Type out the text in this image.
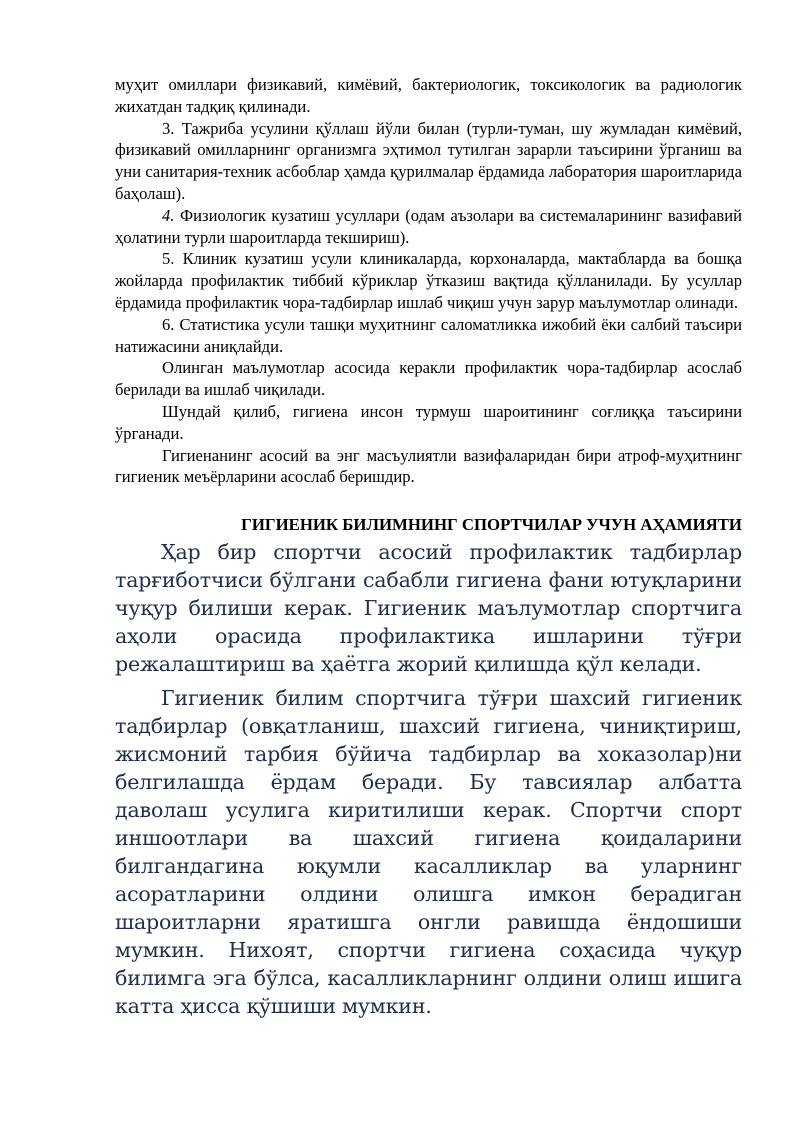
муҳит омиллари физикавий, кимёвий, бактериологик, токсикологик ва радиологик жихатдан тадқиқ қилинади.

3. Тажриба усулини қўллаш йўли билан (турли-туман, шу жумладан кимёвий, физикавий омилларнинг организмга эҳтимол тутилган зарарли таъсирини ўрганиш ва уни санитария-техник асбоблар ҳамда қурилмалар ёрдамида лаборатория шароитларида баҳолаш).

4. Физиологик кузатиш усуллари (одам аъзолари ва системаларининг вазифавий ҳолатини турли шароитларда текшириш).

5. Клиник кузатиш усули клиникаларда, корхоналарда, мактабларда ва бошқа жойларда профилактик тиббий кўриклар ўтказиш вақтида қўлланилади. Бу усуллар ёрдамида профилактик чора-тадбирлар ишлаб чиқиш учун зарур маълумотлар олинади.

6. Статистика усули ташқи муҳитнинг саломатликка ижобий ёки салбий таъсири натижасини аниқлайди.

Олинган маълумотлар асосида керакли профилактик чора-тадбирлар асослаб берилади ва ишлаб чиқилади.

Шундай қилиб, гигиена инсон турмуш шароитининг соғлиққа таъсирини ўрганади.

Гигиенанинг асосий ва энг масъулиятли вазифаларидан бири атроф-муҳитнинг гигиеник меъёрларини асослаб беришдир.

ГИГИЕНИК БИЛИМНИНГ СПОРТЧИЛАР УЧУН АҲАМИЯТИ

Ҳар бир спортчи асосий профилактик тадбирлар тарғиботчиси бўлгани сабабли гигиена фани ютуқларини чуқур билиши керак. Гигиеник маълумотлар спортчига аҳоли орасида профилактика ишларини тўғри режалаштириш ва ҳаётга жорий қилишда қўл келади.

Гигиеник билим спортчига тўғри шахсий гигиеник тадбирлар (овқатланиш, шахсий гигиена, чиниқтириш, жисмоний тарбия бўйича тадбирлар ва хоказолар)ни белгилашда ёрдам беради. Бу тавсиялар албатта даволаш усулига киритилиши керак. Спортчи спорт иншоотлари ва шахсий гигиена қоидаларини билгандагина юқумли касалликлар ва уларнинг асоратларини олдини олишга имкон берадиган шароитларни яратишга онгли равишда ёндошиши мумкин. Нихоят, спортчи гигиена соҳасида чуқур билимга эга бўлса, касалликларнинг олдини олиш ишига катта ҳисса қўшиши мумкин.
